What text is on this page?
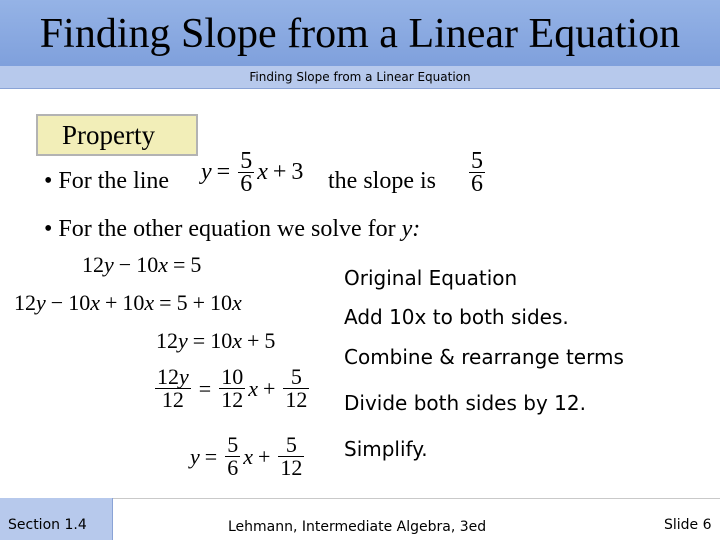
Finding Slope from a Linear Equation
Finding Slope from a Linear Equation
Property
• For the line $y = \frac{5}{6}$ x + 3 the slope is $\frac{5}{6}$
• For the other equation we solve for y:
12 y − 10 x = 5
12 y − 10 x + 10 x = 5 + 10 x
12 y = 10 x + 5
$\frac{12y}{12} = \frac{10}{12}$ $x + \frac{5}{12}$
$y = \frac{5}{6}$ $x + \frac{5}{12}$
Original Equation
Add 10x to both sides.
Combine & rearrange terms
Divide both sides by 12.
Simplify.
Section 1.4	Lehmann, Intermediate Algebra, 3ed	Slide 6
